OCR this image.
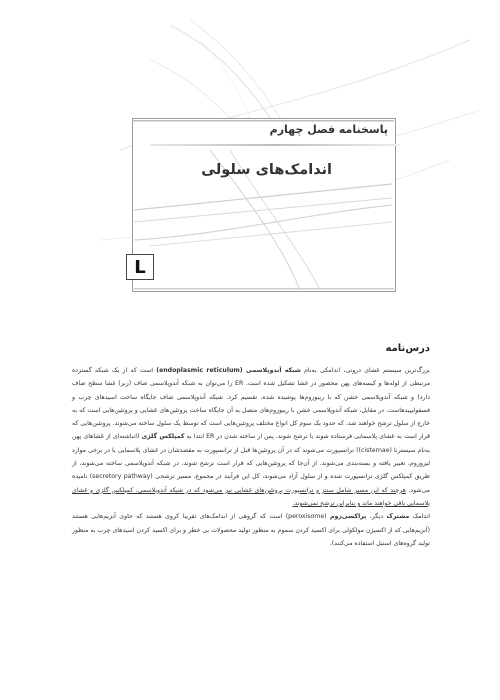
پاسخنامه فصل چهارم
اندامک‌های سلولی
L
درس‌نامه

بزرگ‌ترین سیستم غشای درونی، اندامکی بەنام شبکه آندوپلاسمی (endoplasmic reticulum) است که از یک شبکه گسترده مرتبطی از لوله‌ها و کیسه‌های پهن محصور در غشا تشکیل شده است. ER را می‌توان به شبکه آندوپلاسمی صاف (زبر) غشا سطح صاف دارد) و شبکه آندوپلاسمی خشن که با ریبوزوم‌ها پوشیده شده، تقسیم کرد. شبکه آندوپلاسمی صاف جایگاه ساخت اسیدهای چرب و فسفولیپیدهاست. در مقابل، شبکه آندوپلاسمی خشن با ریبوزوم‌های متصل به آن جایگاه ساخت پروتئین‌های غشایی و پروتئین‌هایی است که به خارج از سلول ترشح خواهند شد، که حدود یک سوم کل انواع مختلف پروتئین‌هایی است که توسط یک سلول ساخته می‌شوند. پروتئین‌هایی که قرار است به غشای پلاسمایی فرستاده شوند یا ترشح شوند، پس از ساخته شدن در ER ابتدا به کمپلکس گلژی (انباشته‌ای از غشاهای پهن به‌نام سیسترنا (cisternae)) ترانسپورت می‌شوند که در آن پروتئین‌ها قبل از ترانسپورت به مقصدشان در غشای پلاسمایی یا در برخی موارد لیزوزوم، تغییر یافته و بسته‌بندی می‌شوند. از آن‌جا که پروتئین‌هایی که قرار است ترشح شوند، در شبکه آندوپلاسمی ساخته می‌شوند، از طریق کمپلکس گلژی ترانسپورت شده و از سلول آزاد می‌شوند، کل این فرآیند در مجموع، مسیر ترشحی (secretory pathway) نامیده می‌شود. هرچند که این مسیر شامل سنتز و ترانسپورت پروتئین‌های غشایی نیز می‌شود که در شبکه آندوپلاسمی، کمپلکس گلژی و غشای پلاسمایی باقی خواهند ماند و بنابراین ترشح نمی‌شوند.

اندامک مشترک دیگر، پراکسی‌زوم (peroxisome) است که گروهی از اندامک‌های تقریبا کروی هستند که حاوی آنزیم‌هایی هستند (آنزیم‌هایی که از اکسیژن مولکولی برای اکسید کردن سموم به منظور تولید محصولات بی خطر و برای اکسید کردن اسیدهای چرب به منظور تولید گروه‌های استیل استفاده می‌کنند).
